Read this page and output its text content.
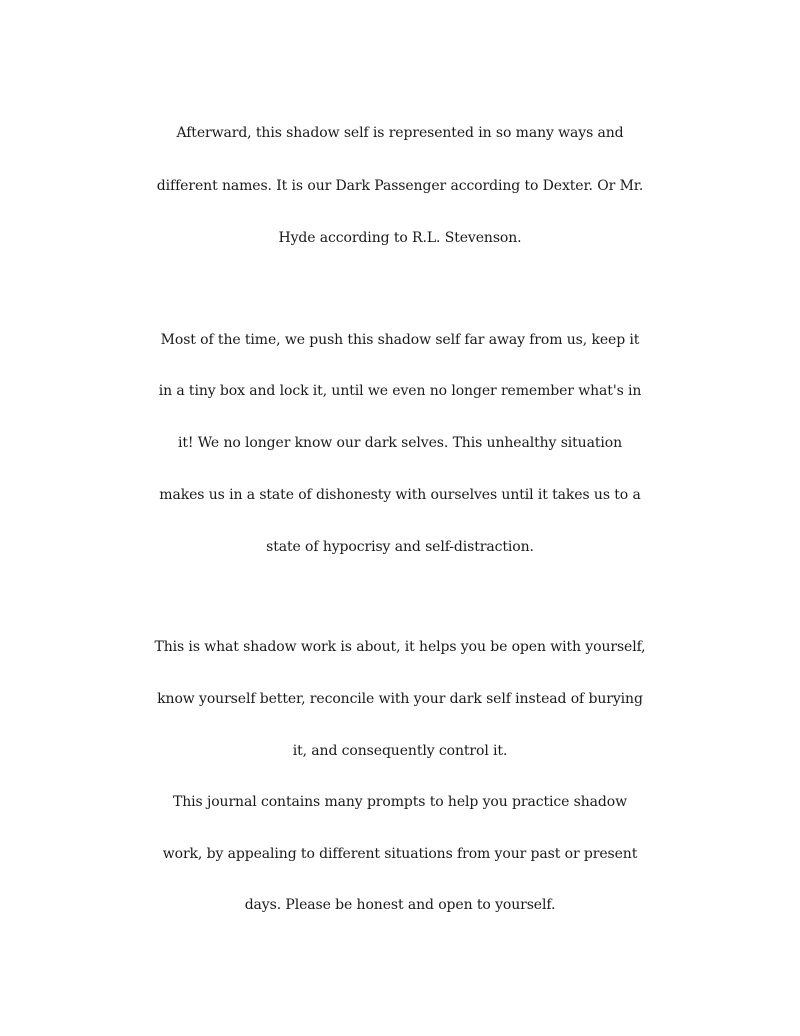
Afterward, this shadow self is represented in so many ways and
different names. It is our Dark Passenger according to Dexter. Or Mr.
Hyde according to R.L. Stevenson.
Most of the time, we push this shadow self far away from us, keep it
in a tiny box and lock it, until we even no longer remember what's in
it! We no longer know our dark selves. This unhealthy situation
makes us in a state of dishonesty with ourselves until it takes us to a
state of hypocrisy and self-distraction.
This is what shadow work is about, it helps you be open with yourself,
know yourself better, reconcile with your dark self instead of burying
it, and consequently control it.
This journal contains many prompts to help you practice shadow
work, by appealing to different situations from your past or present
days. Please be honest and open to yourself.
